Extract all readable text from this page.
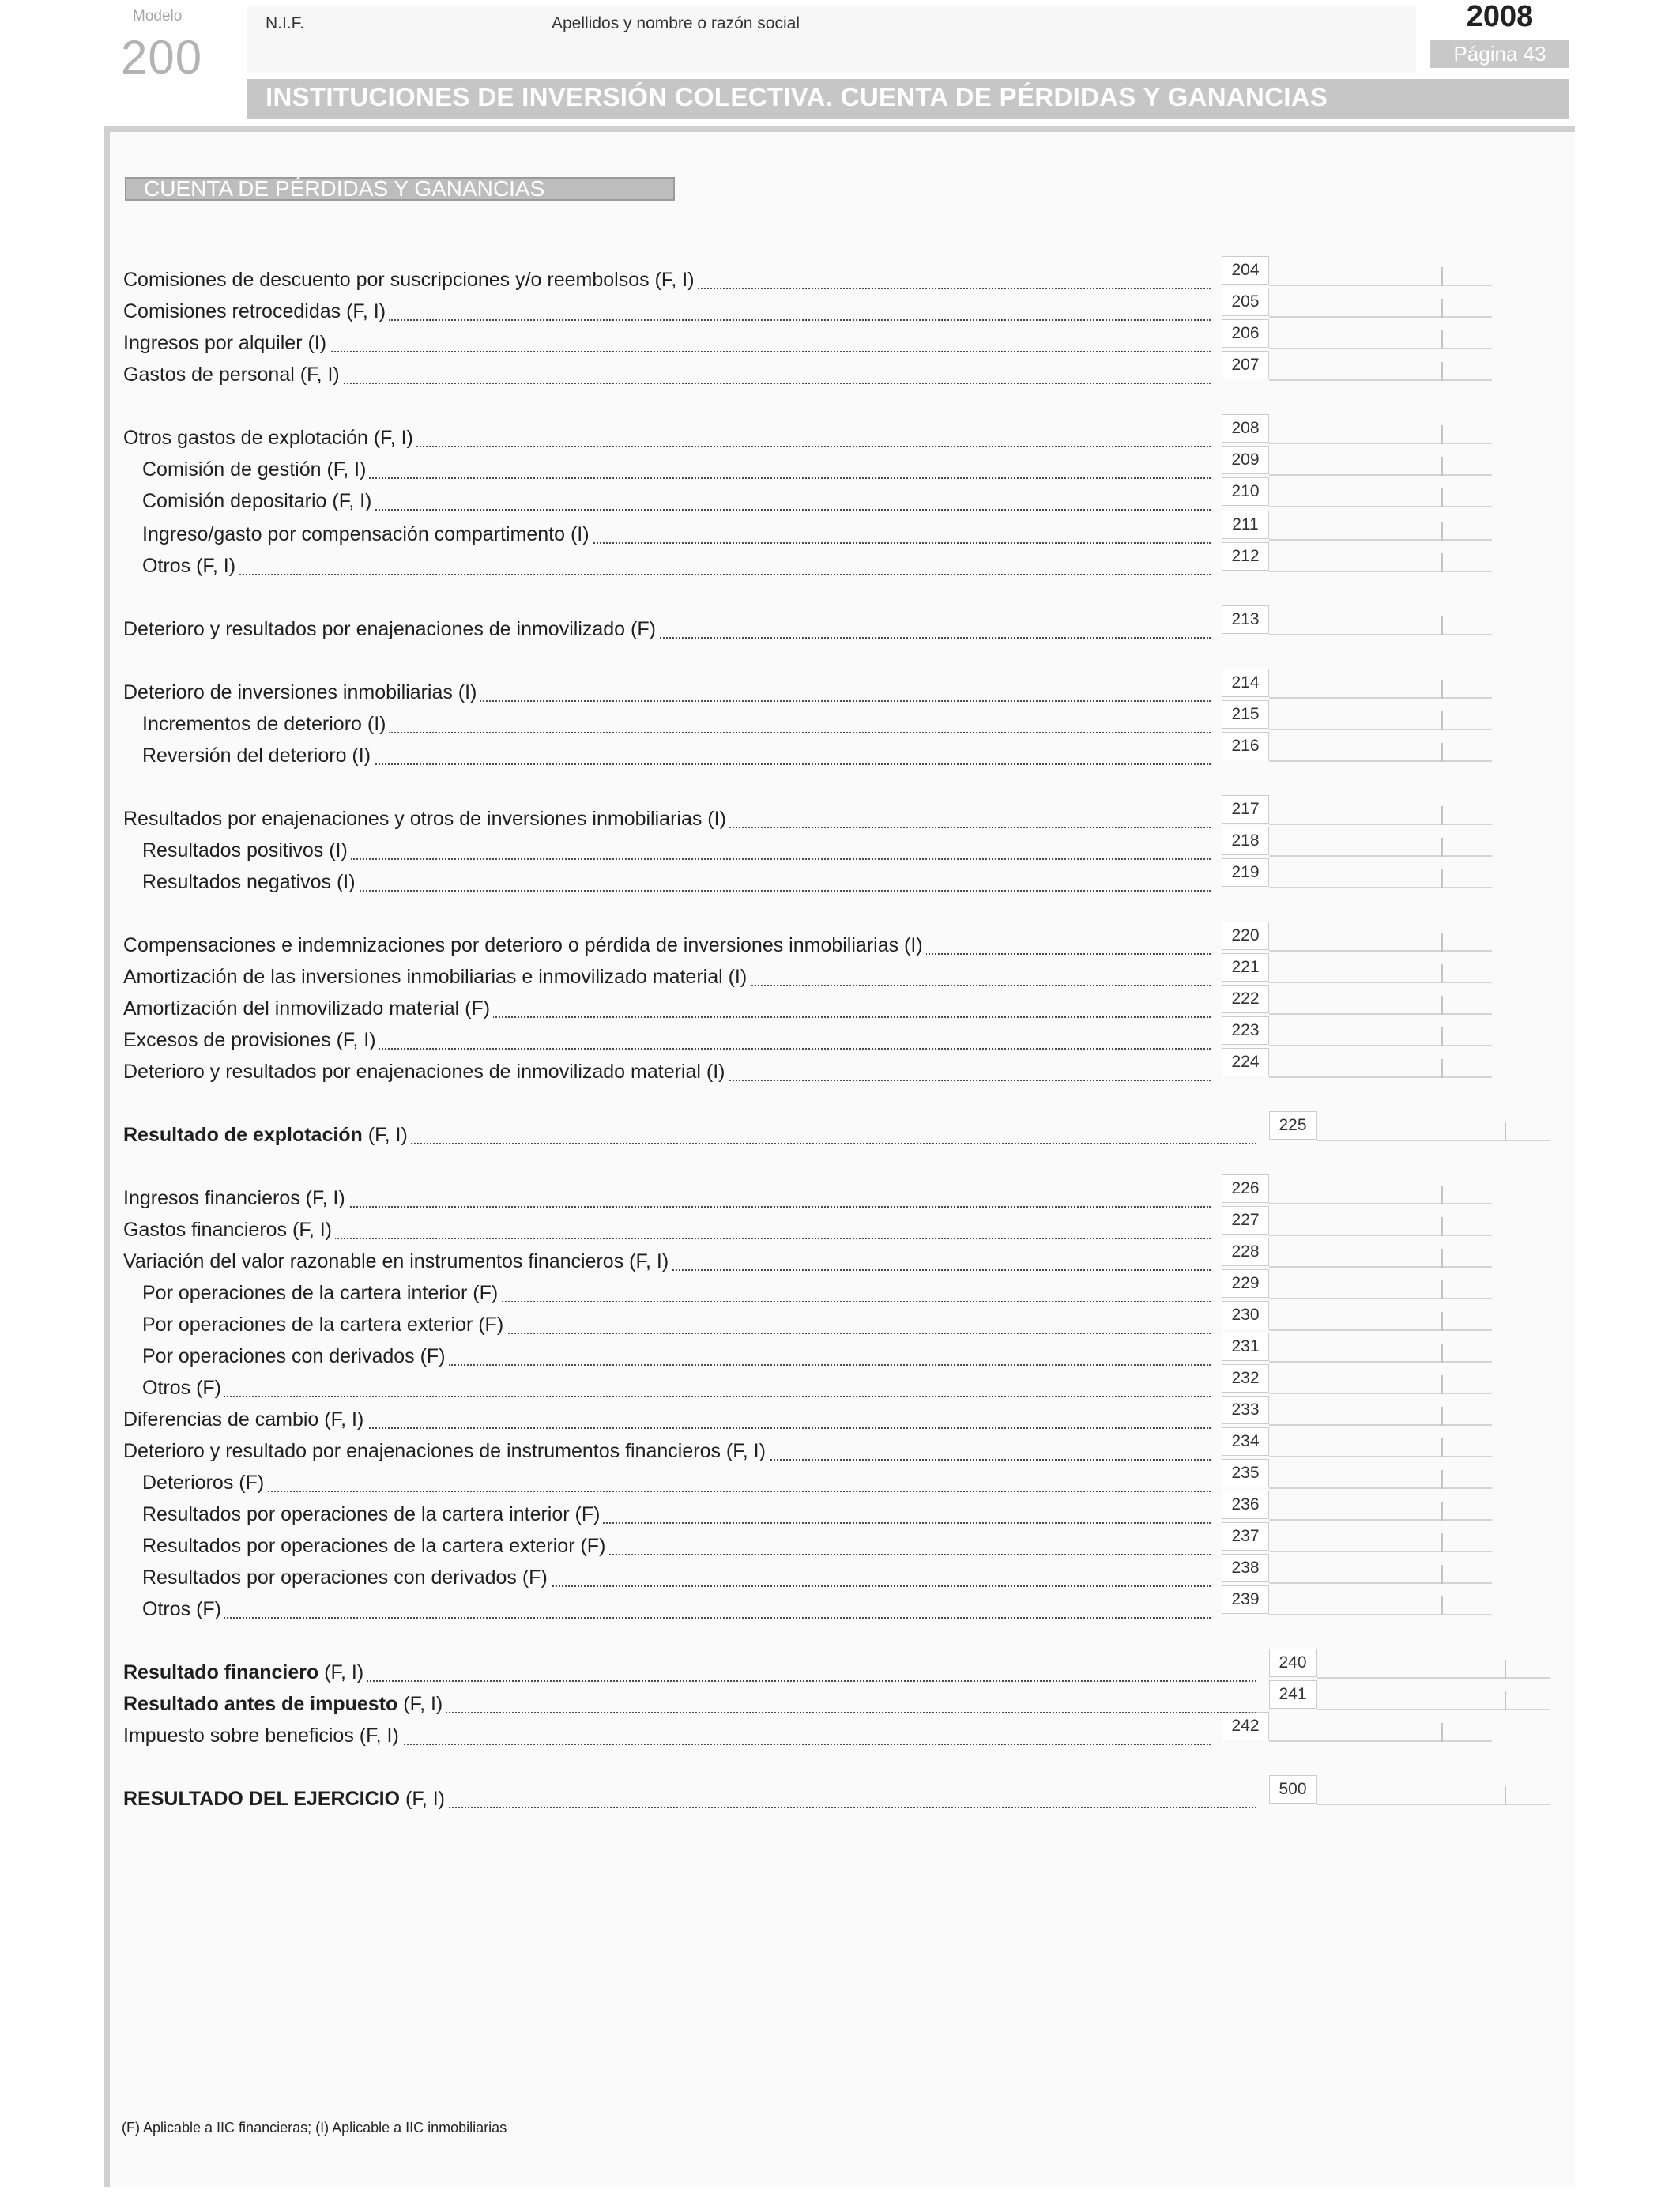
Modelo
200
N.I.F.	Apellidos y nombre o razón social	2008
Página 43
INSTITUCIONES DE INVERSIÓN COLECTIVA. CUENTA DE PÉRDIDAS Y GANANCIAS
CUENTA DE PÉRDIDAS Y GANANCIAS
Comisiones de descuento por suscripciones y/o reembolsos (F, I)	204
Comisiones retrocedidas (F, I)	205
Ingresos por alquiler (I)	206
Gastos de personal (F, I)	207
Otros gastos de explotación (F, I)	208
Comisión de gestión (F, I)	209
Comisión depositario (F, I)	210
Ingreso/gasto por compensación compartimento (I)	211
Otros (F, I)	212
Deterioro y resultados por enajenaciones de inmovilizado (F)	213
Deterioro de inversiones inmobiliarias (I)	214
Incrementos de deterioro (I)	215
Reversión del deterioro (I)	216
Resultados por enajenaciones y otros de inversiones inmobiliarias (I)	217
Resultados positivos (I)	218
Resultados negativos (I)	219
Compensaciones e indemnizaciones por deterioro o pérdida de inversiones inmobiliarias (I)	220
Amortización de las inversiones inmobiliarias e inmovilizado material (I)	221
Amortización del inmovilizado material (F)	222
Excesos de provisiones (F, I)	223
Deterioro y resultados por enajenaciones de inmovilizado material (I)	224
Resultado de explotación (F, I)	225
Ingresos financieros (F, I)	226
Gastos financieros (F, I)	227
Variación del valor razonable en instrumentos financieros (F, I)	228
Por operaciones de la cartera interior (F)	229
Por operaciones de la cartera exterior (F)	230
Por operaciones con derivados (F)	231
Otros (F)	232
Diferencias de cambio (F, I)	233
Deterioro y resultado por enajenaciones de instrumentos financieros (F, I)	234
Deterioros (F)	235
Resultados por operaciones de la cartera interior (F)	236
Resultados por operaciones de la cartera exterior (F)	237
Resultados por operaciones con derivados (F)	238
Otros (F)	239
Resultado financiero (F, I)	240
Resultado antes de impuesto (F, I)	241
Impuesto sobre beneficios (F, I)	242
RESULTADO DEL EJERCICIO (F, I)	500
(F) Aplicable a IIC financieras; (I) Aplicable a IIC inmobiliarias
